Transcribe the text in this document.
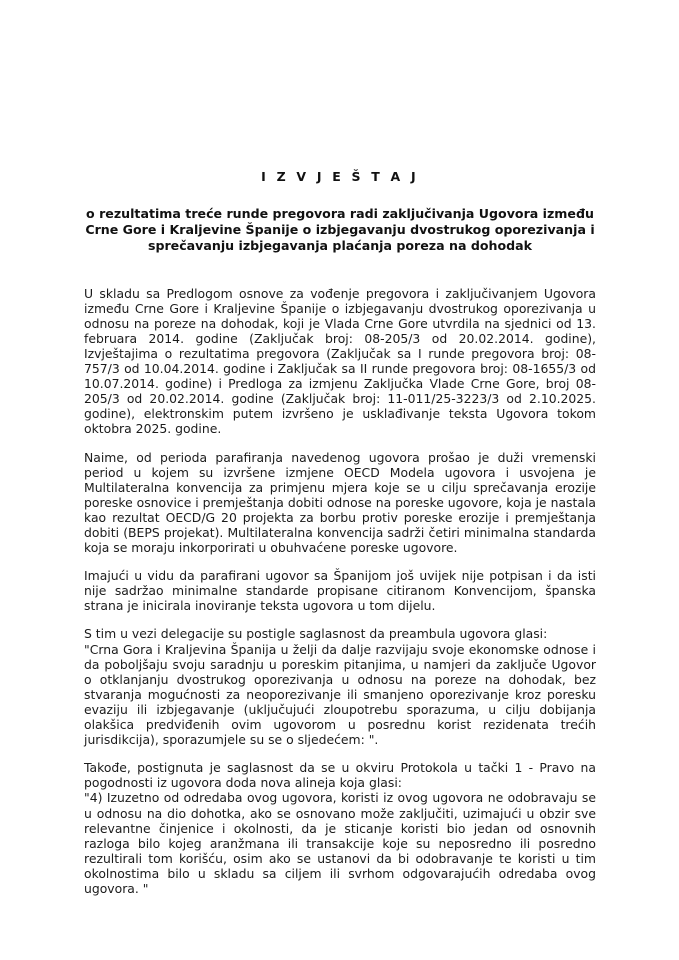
I Z V J E Š T A J
o rezultatima treće runde pregovora radi zaključivanja Ugovora između Crne Gore i Kraljevine Španije o izbjegavanju dvostrukog oporezivanja i sprečavanju izbjegavanja plaćanja poreza na dohodak

U skladu sa Predlogom osnove za vođenje pregovora i zaključivanjem Ugovora između Crne Gore i Kraljevine Španije o izbjegavanju dvostrukog oporezivanja u odnosu na poreze na dohodak, koji je Vlada Crne Gore utvrdila na sjednici od 13. februara 2014. godine (Zaključak broj: 08-205/3 od 20.02.2014. godine), Izvještajima o rezultatima pregovora (Zaključak sa I runde pregovora broj: 08-757/3 od 10.04.2014. godine i Zaključak sa II runde pregovora broj: 08-1655/3 od 10.07.2014. godine) i Predloga za izmjenu Zaključka Vlade Crne Gore, broj 08-205/3 od 20.02.2014. godine (Zaključak broj: 11-011/25-3223/3 od 2.10.2025. godine), elektronskim putem izvršeno je usklađivanje teksta Ugovora tokom oktobra 2025. godine.

Naime, od perioda parafiranja navedenog ugovora prošao je duži vremenski period u kojem su izvršene izmjene OECD Modela ugovora i usvojena je Multilateralna konvencija za primjenu mjera koje se u cilju sprečavanja erozije poreske osnovice i premještanja dobiti odnose na poreske ugovore, koja je nastala kao rezultat OECD/G 20 projekta za borbu protiv poreske erozije i premještanja dobiti (BEPS projekat). Multilateralna konvencija sadrži četiri minimalna standarda koja se moraju inkorporirati u obuhvaćene poreske ugovore.

Imajući u vidu da parafirani ugovor sa Španijom još uvijek nije potpisan i da isti nije sadržao minimalne standarde propisane citiranom Konvencijom, španska strana je inicirala inoviranje teksta ugovora u tom dijelu.

S tim u vezi delegacije su postigle saglasnost da preambula ugovora glasi:
"Crna Gora i Kraljevina Španija u želji da dalje razvijaju svoje ekonomske odnose i da poboljšaju svoju saradnju u poreskim pitanjima, u namjeri da zaključe Ugovor o otklanjanju dvostrukog oporezivanja u odnosu na poreze na dohodak, bez stvaranja mogućnosti za neoporezivanje ili smanjeno oporezivanje kroz poresku evaziju ili izbjegavanje (uključujući zloupotrebu sporazuma, u cilju dobijanja olakšica predviđenih ovim ugovorom u posrednu korist rezidenata trećih jurisdikcija), sporazumjele su se o sljedećem: ".

Takođe, postignuta je saglasnost da se u okviru Protokola u tački 1 - Pravo na pogodnosti iz ugovora doda nova alineja koja glasi:
"4) Izuzetno od odredaba ovog ugovora, koristi iz ovog ugovora ne odobravaju se u odnosu na dio dohotka, ako se osnovano može zaključiti, uzimajući u obzir sve relevantne činjenice i okolnosti, da je sticanje koristi bio jedan od osnovnih razloga bilo kojeg aranžmana ili transakcije koje su neposredno ili posredno rezultirali tom korišću, osim ako se ustanovi da bi odobravanje te koristi u tim okolnostima bilo u skladu sa ciljem ili svrhom odgovarajućih odredaba ovog ugovora. "
